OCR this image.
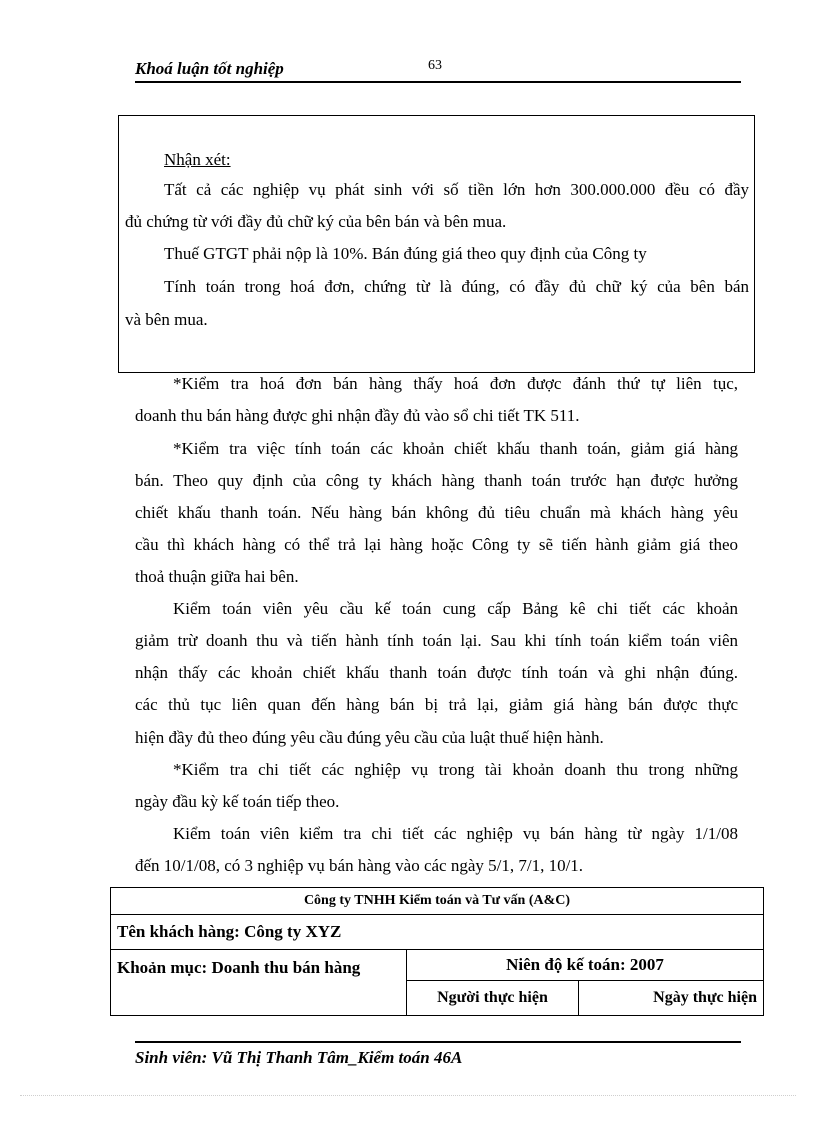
Khoá luận tốt nghiệp	63

Nhận xét:

Tất cả các nghiệp vụ phát sinh với số tiền lớn hơn 300.000.000 đều có đầy

đủ chứng từ với đầy đủ chữ ký của bên bán và bên mua.

Thuế GTGT phải nộp là 10%. Bán đúng giá theo quy định của Công ty

Tính toán trong hoá đơn, chứng từ là đúng, có đầy đủ chữ ký của bên bán

và bên mua.

*Kiểm tra hoá đơn bán hàng thấy hoá đơn được đánh thứ tự liên tục,

doanh thu bán hàng được ghi nhận đầy đủ vào sổ chi tiết TK 511.

*Kiểm tra việc tính toán các khoản chiết khấu thanh toán, giảm giá hàng

bán. Theo quy định của công ty khách hàng thanh toán trước hạn được hưởng

chiết khấu thanh toán. Nếu hàng bán không đủ tiêu chuẩn mà khách hàng yêu

cầu thì khách hàng có thể trả lại hàng hoặc Công ty sẽ tiến hành giảm giá theo

thoả thuận giữa hai bên.

Kiểm toán viên yêu cầu kế toán cung cấp Bảng kê chi tiết các khoản

giảm trừ doanh thu và tiến hành tính toán lại. Sau khi tính toán kiểm toán viên

nhận thấy các khoản chiết khấu thanh toán được tính toán và ghi nhận đúng.

các thủ tục liên quan đến hàng bán bị trả lại, giảm giá hàng bán được thực

hiện đầy đủ theo đúng yêu cầu đúng yêu cầu của luật thuế hiện hành.

*Kiểm tra chi tiết các nghiệp vụ trong tài khoản doanh thu trong những

ngày đầu kỳ kế toán tiếp theo.

Kiểm toán viên kiểm tra chi tiết các nghiệp vụ bán hàng từ ngày 1/1/08

đến 10/1/08, có 3 nghiệp vụ bán hàng vào các ngày 5/1, 7/1, 10/1.

Công ty TNHH Kiểm toán và Tư vấn (A&C)		
Tên khách hàng: Công ty XYZ		
Khoản mục: Doanh thu bán hàng	Niên độ kế toán: 2007	
	Người thực hiện	Ngày thực hiện
Sinh viên: Vũ Thị Thanh Tâm_Kiểm toán 46A
